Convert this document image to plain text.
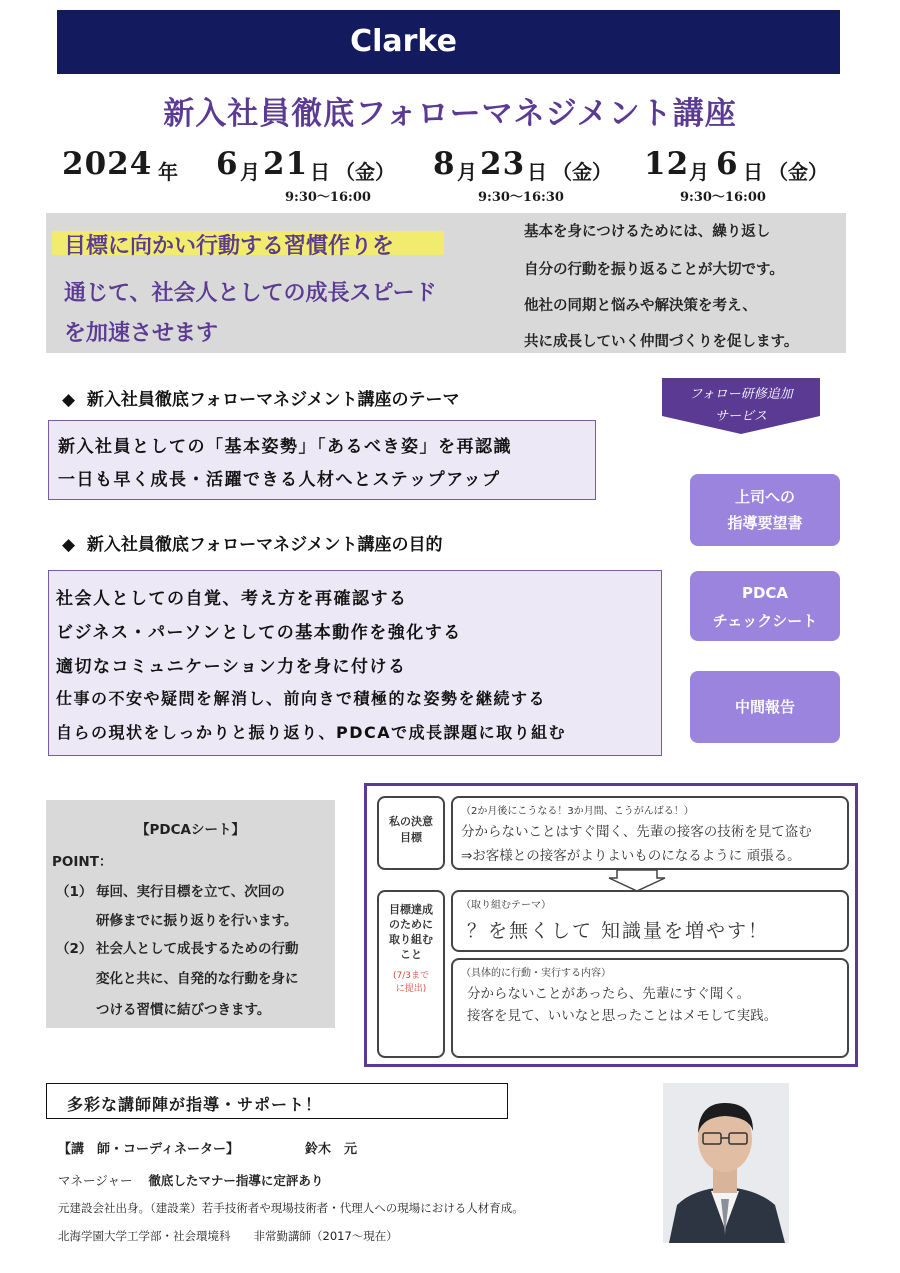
Clarke
新入社員徹底フォローマネジメント講座
2024 年 6 月 21 日 （金）
9:30～16:00
8 月 23 日 （金）
9:30～16:30
12 月 6 日 （金）
9:30～16:00
目標に向かい行動する習慣作りを
通じて、社会人としての成長スピード
を加速させます
基本を身につけるためには、繰り返し
自分の行動を振り返ることが大切です。
他社の同期と悩みや解決策を考え、
共に成長していく仲間づくりを促します。
◆ 新入社員徹底フォローマネジメント講座のテーマ
新入社員としての「基本姿勢」「あるべき姿」を再認識
一日も早く成長・活躍できる人材へとステップアップ
◆ 新入社員徹底フォローマネジメント講座の目的
社会人としての自覚、考え方を再確認する
ビジネス・パーソンとしての基本動作を強化する
適切なコミュニケーション力を身に付ける
仕事の不安や疑問を解消し、前向きで積極的な姿勢を継続する
自らの現状をしっかりと振り返り、PDCAで成長課題に取り組む
フォロー研修追加
サービス
上司への
指導要望書
PDCA
チェックシート
中間報告
【PDCAシート】
POINT：
（1） 毎回、実行目標を立て、次回の
研修までに振り返りを行います。
（2） 社会人として成長するための行動
変化と共に、自発的な行動を身に
つける習慣に結びつきます。
私の決意
目標
（2か月後にこうなる！3か月間、こうがんばる！）
分からないことはすぐ聞く、先輩の接客の技術を見て盗む
⇒お客様との接客がよりよいものになるように 頑張る。
目標達成
のために
取り組む
こと
(7/3まで
に提出)
（取り組むテーマ）
？を無くして 知識量を増やす！
（具体的に行動・実行する内容）
分からないことがあったら、先輩にすぐ聞く。
接客を見て、いいなと思ったことはメモして実践。
多彩な講師陣が指導・サポート！
【講　師・コーディネーター】	鈴木　元
マネージャー 徹底したマナー指導に定評あり
元建設会社出身。（建設業）若手技術者や現場技術者・代理人への現場における人材育成。
北海学園大学工学部・社会環境科　　非常勤講師（2017～現在）
